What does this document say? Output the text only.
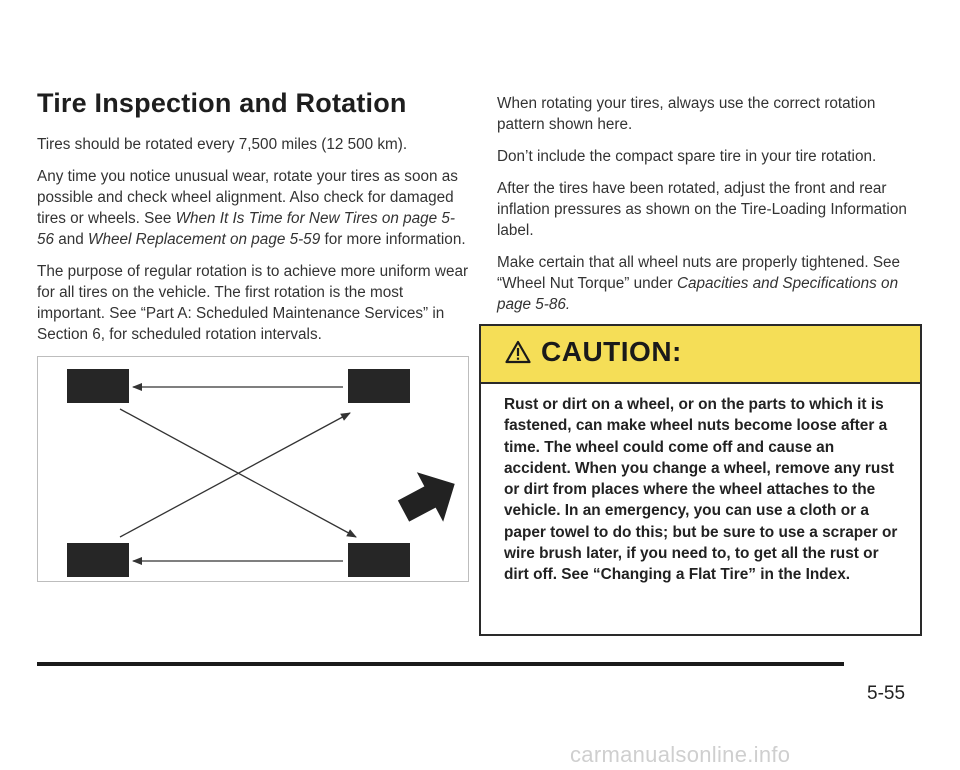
Tire Inspection and Rotation

Tires should be rotated every 7,500 miles (12 500 km).

Any time you notice unusual wear, rotate your tires as soon as possible and check wheel alignment. Also check for damaged tires or wheels. See When It Is Time for New Tires on page 5-56 and Wheel Replacement on page 5-59 for more information.

The purpose of regular rotation is to achieve more uniform wear for all tires on the vehicle. The first rotation is the most important. See “Part A: Scheduled Maintenance Services” in Section 6, for scheduled rotation intervals.

When rotating your tires, always use the correct rotation pattern shown here.

Don’t include the compact spare tire in your tire rotation.

After the tires have been rotated, adjust the front and rear inflation pressures as shown on the Tire-Loading Information label.

Make certain that all wheel nuts are properly tightened. See “Wheel Nut Torque” under Capacities and Specifications on page 5-86.

CAUTION:
Rust or dirt on a wheel, or on the parts to which it is fastened, can make wheel nuts become loose after a time. The wheel could come off and cause an accident. When you change a wheel, remove any rust or dirt from places where the wheel attaches to the vehicle. In an emergency, you can use a cloth or a paper towel to do this; but be sure to use a scraper or wire brush later, if you need to, to get all the rust or dirt off. See “Changing a Flat Tire” in the Index.
5-55
carmanualsonline.info
